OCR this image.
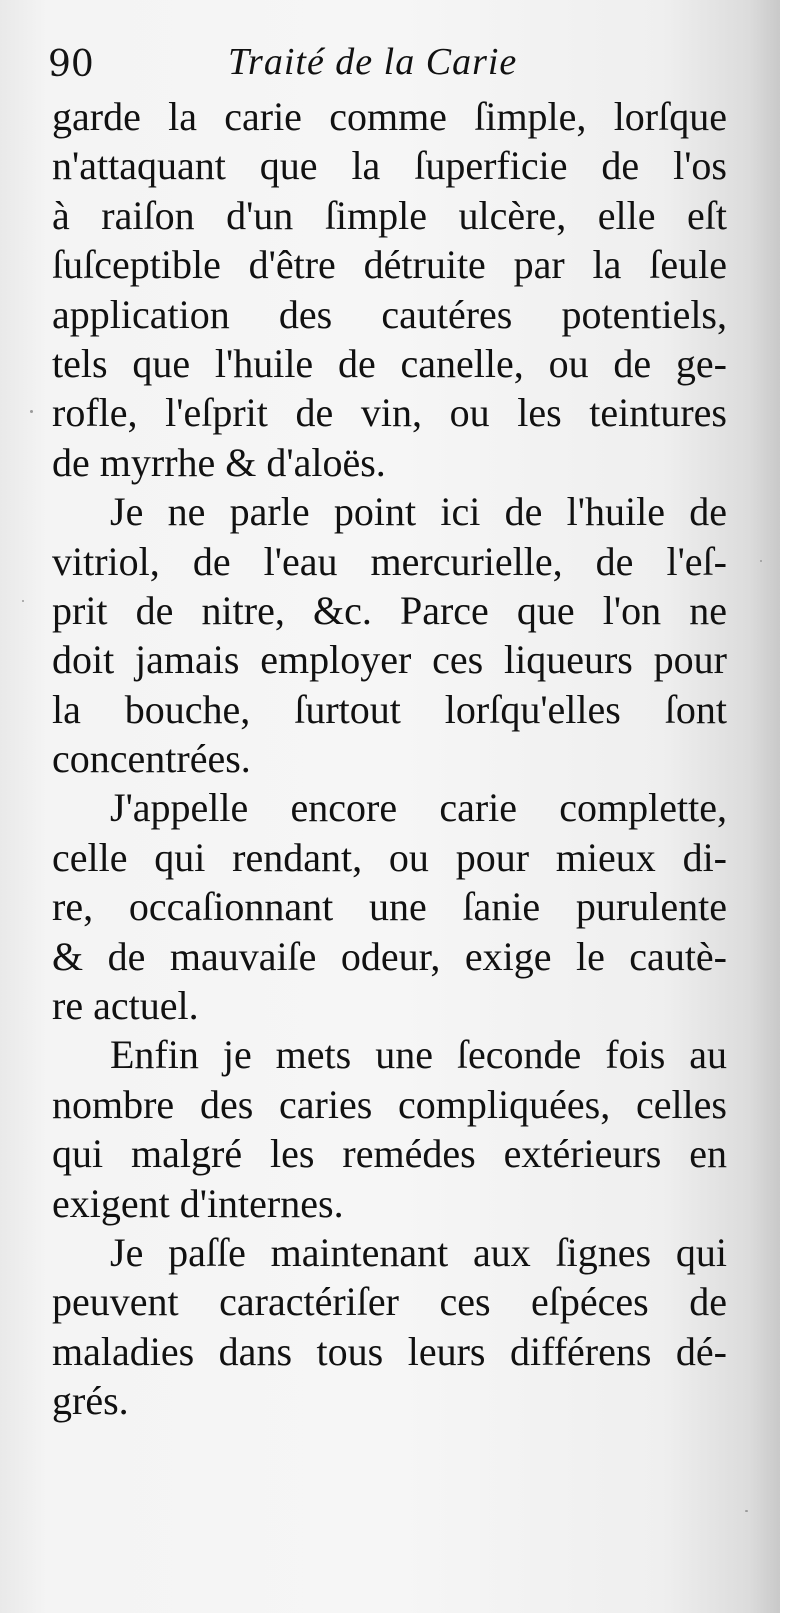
90	Traité de la Carie
garde la carie comme ſimple, lorſque
n'attaquant que la ſuperficie de l'os
à raiſon d'un ſimple ulcère, elle eſt
ſuſceptible d'être détruite par la ſeule
application des cautéres potentiels,
tels que l'huile de canelle, ou de ge-
rofle, l'eſprit de vin, ou les teintures
de myrrhe & d'aloës.
Je ne parle point ici de l'huile de
vitriol, de l'eau mercurielle, de l'eſ-
prit de nitre, &c. Parce que l'on ne
doit jamais employer ces liqueurs pour
la bouche, ſurtout lorſqu'elles ſont
concentrées.
J'appelle encore carie complette,
celle qui rendant, ou pour mieux di-
re, occaſionnant une ſanie purulente
& de mauvaiſe odeur, exige le cautè-
re actuel.
Enfin je mets une ſeconde fois au
nombre des caries compliquées, celles
qui malgré les remédes extérieurs en
exigent d'internes.
Je paſſe maintenant aux ſignes qui
peuvent caractériſer ces eſpéces de
maladies dans tous leurs différens dé-
grés.
